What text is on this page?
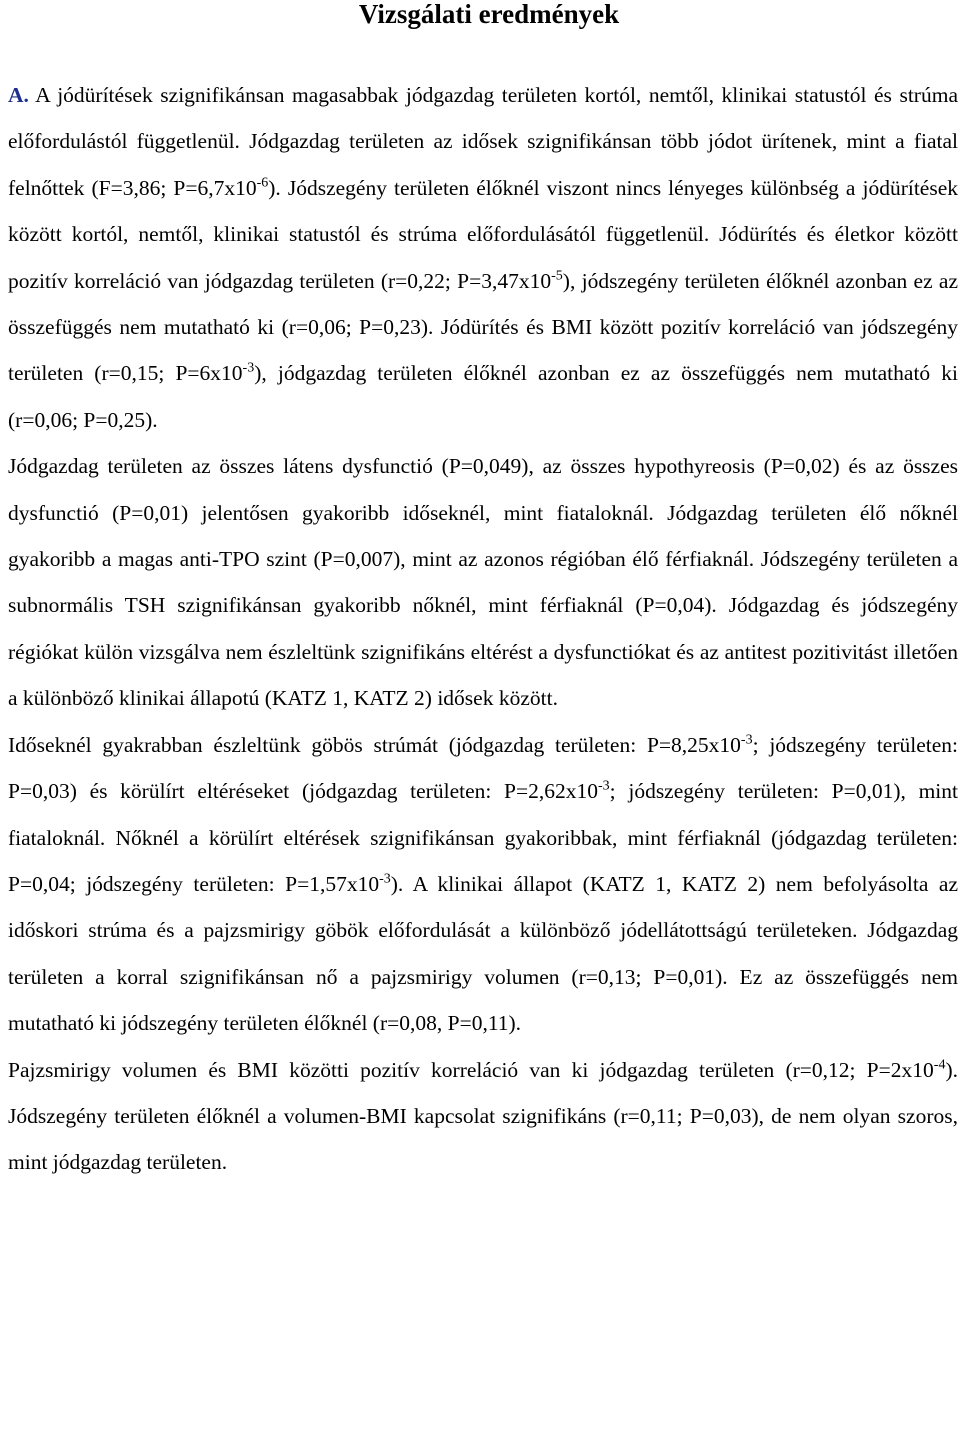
Vizsgálati eredmények

A. A jódürítések szignifikánsan magasabbak jódgazdag területen kortól, nemtől, klinikai statustól és strúma előfordulástól függetlenül. Jódgazdag területen az idősek szignifikánsan több jódot ürítenek, mint a fiatal felnőttek (F=3,86; $P=6,7x10^{-6}$). Jódszegény területen élőknél viszont nincs lényeges különbség a jódürítések között kortól, nemtől, klinikai statustól és strúma előfordulásától függetlenül. Jódürítés és életkor között pozitív korreláció van jódgazdag területen (r=0,22; $P=3,47x10^{-5}$), jódszegény területen élőknél azonban ez az összefüggés nem mutatható ki (r=0,06; P=0,23). Jódürítés és BMI között pozitív korreláció van jódszegény területen (r=0,15; $P=6x10^{-3}$), jódgazdag területen élőknél azonban ez az összefüggés nem mutatható ki (r=0,06; P=0,25).

Jódgazdag területen az összes látens dysfunctió (P=0,049), az összes hypothyreosis (P=0,02) és az összes dysfunctió (P=0,01) jelentősen gyakoribb időseknél, mint fiataloknál. Jódgazdag területen élő nőknél gyakoribb a magas anti-TPO szint (P=0,007), mint az azonos régióban élő férfiaknál. Jódszegény területen a subnormális TSH szignifikánsan gyakoribb nőknél, mint férfiaknál (P=0,04). Jódgazdag és jódszegény régiókat külön vizsgálva nem észleltünk szignifikáns eltérést a dysfunctiókat és az antitest pozitivitást illetően a különböző klinikai állapotú (KATZ 1, KATZ 2) idősek között.

Időseknél gyakrabban észleltünk göbös strúmát (jódgazdag területen: $P=8,25x10^{-3}$; jódszegény területen: P=0,03) és körülírt eltéréseket (jódgazdag területen: $P=2,62x10^{-3}$; jódszegény területen: P=0,01), mint fiataloknál. Nőknél a körülírt eltérések szignifikánsan gyakoribbak, mint férfiaknál (jódgazdag területen: P=0,04; jódszegény területen: $P=1,57x10^{-3}$). A klinikai állapot (KATZ 1, KATZ 2) nem befolyásolta az időskori strúma és a pajzsmirigy göbök előfordulását a különböző jódellátottságú területeken. Jódgazdag területen a korral szignifikánsan nő a pajzsmirigy volumen (r=0,13; P=0,01). Ez az összefüggés nem mutatható ki jódszegény területen élőknél (r=0,08, P=0,11).

Pajzsmirigy volumen és BMI közötti pozitív korreláció van ki jódgazdag területen (r=0,12; $P=2x10^{-4}$). Jódszegény területen élőknél a volumen-BMI kapcsolat szignifikáns (r=0,11; P=0,03), de nem olyan szoros, mint jódgazdag területen.
